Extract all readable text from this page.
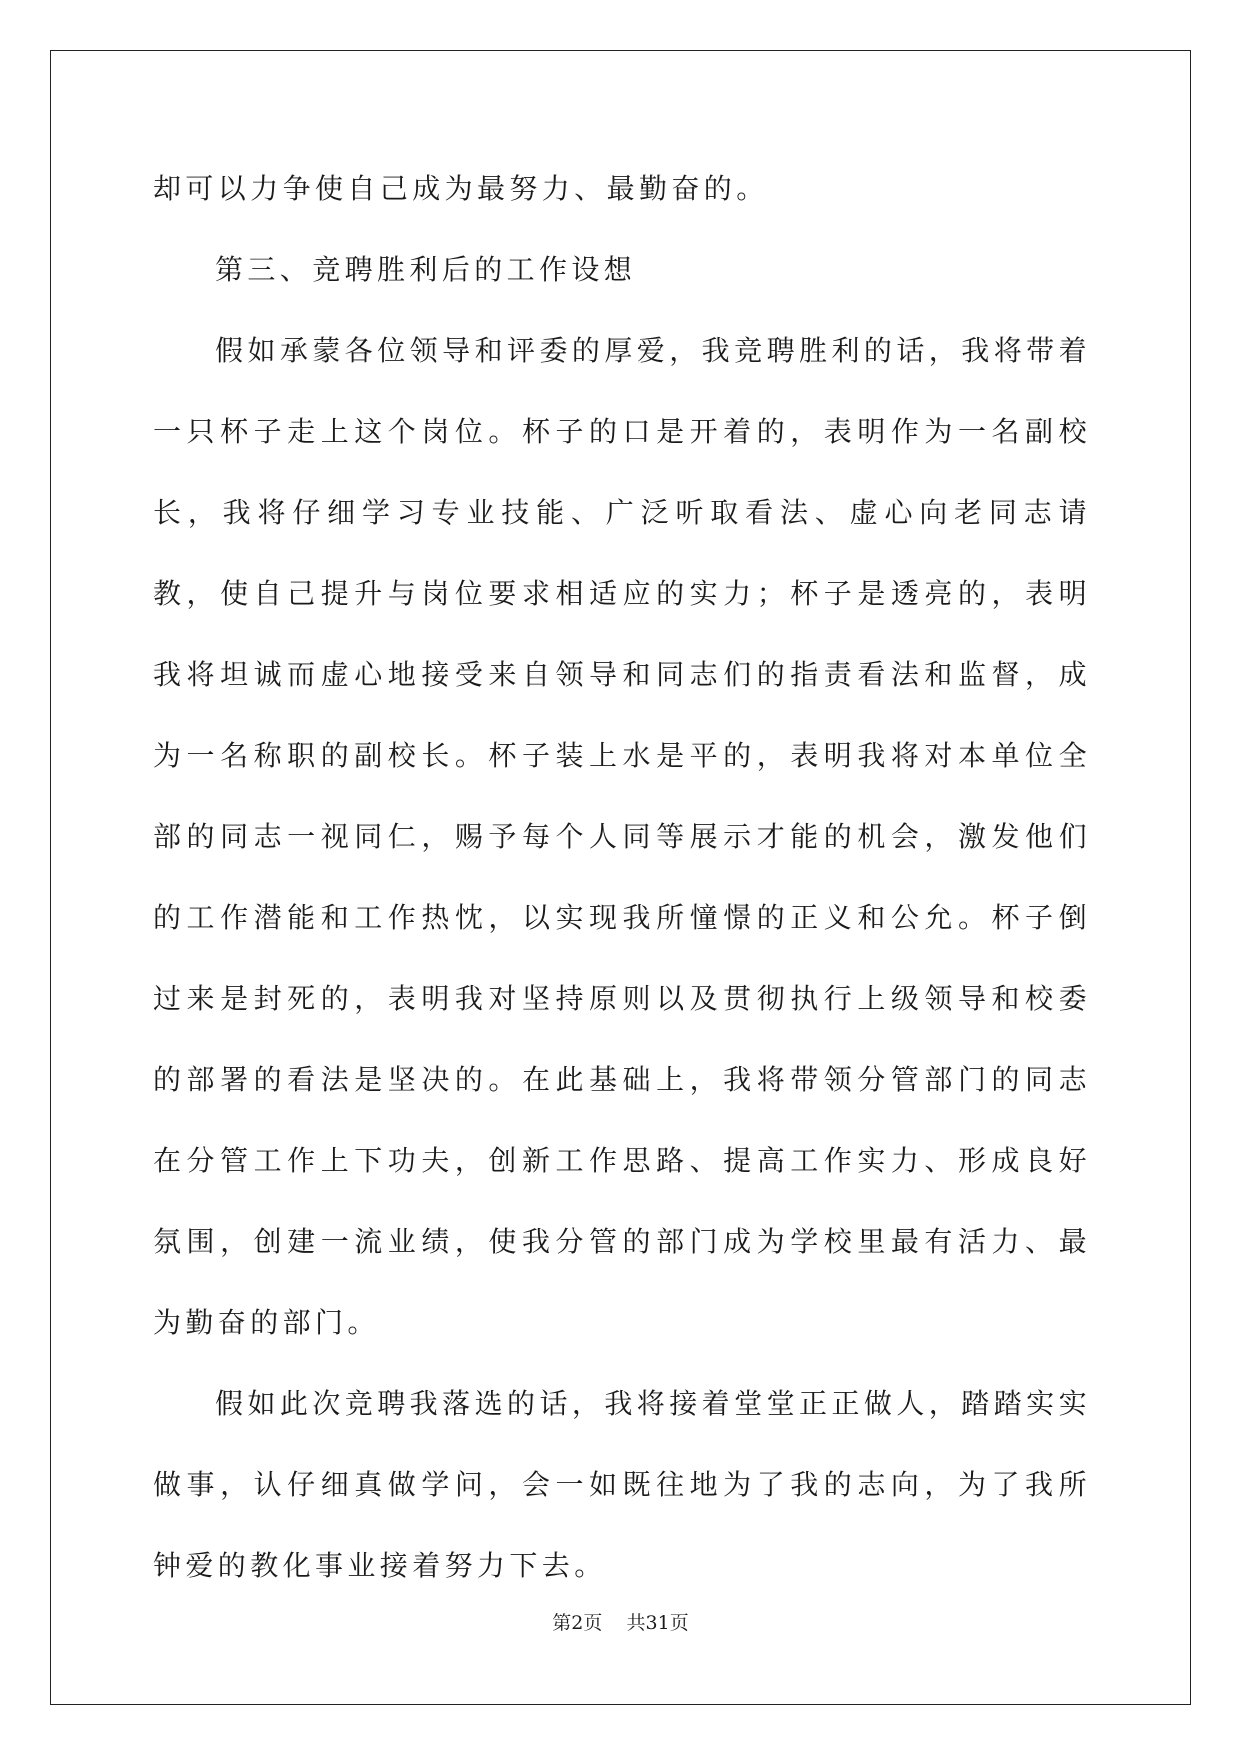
却可以力争使自己成为最努力、最勤奋的。

第三、竞聘胜利后的工作设想

假如承蒙各位领导和评委的厚爱，我竞聘胜利的话，我将带着一只杯子走上这个岗位。杯子的口是开着的，表明作为一名副校长，我将仔细学习专业技能、广泛听取看法、虚心向老同志请教，使自己提升与岗位要求相适应的实力；杯子是透亮的，表明我将坦诚而虚心地接受来自领导和同志们的指责看法和监督，成为一名称职的副校长。杯子装上水是平的，表明我将对本单位全部的同志一视同仁，赐予每个人同等展示才能的机会，激发他们的工作潜能和工作热忱，以实现我所憧憬的正义和公允。杯子倒过来是封死的，表明我对坚持原则以及贯彻执行上级领导和校委的部署的看法是坚决的。在此基础上，我将带领分管部门的同志在分管工作上下功夫，创新工作思路、提高工作实力、形成良好氛围，创建一流业绩，使我分管的部门成为学校里最有活力、最为勤奋的部门。

假如此次竞聘我落选的话，我将接着堂堂正正做人，踏踏实实做事，认仔细真做学问，会一如既往地为了我的志向，为了我所钟爱的教化事业接着努力下去。

第2页    共31页
